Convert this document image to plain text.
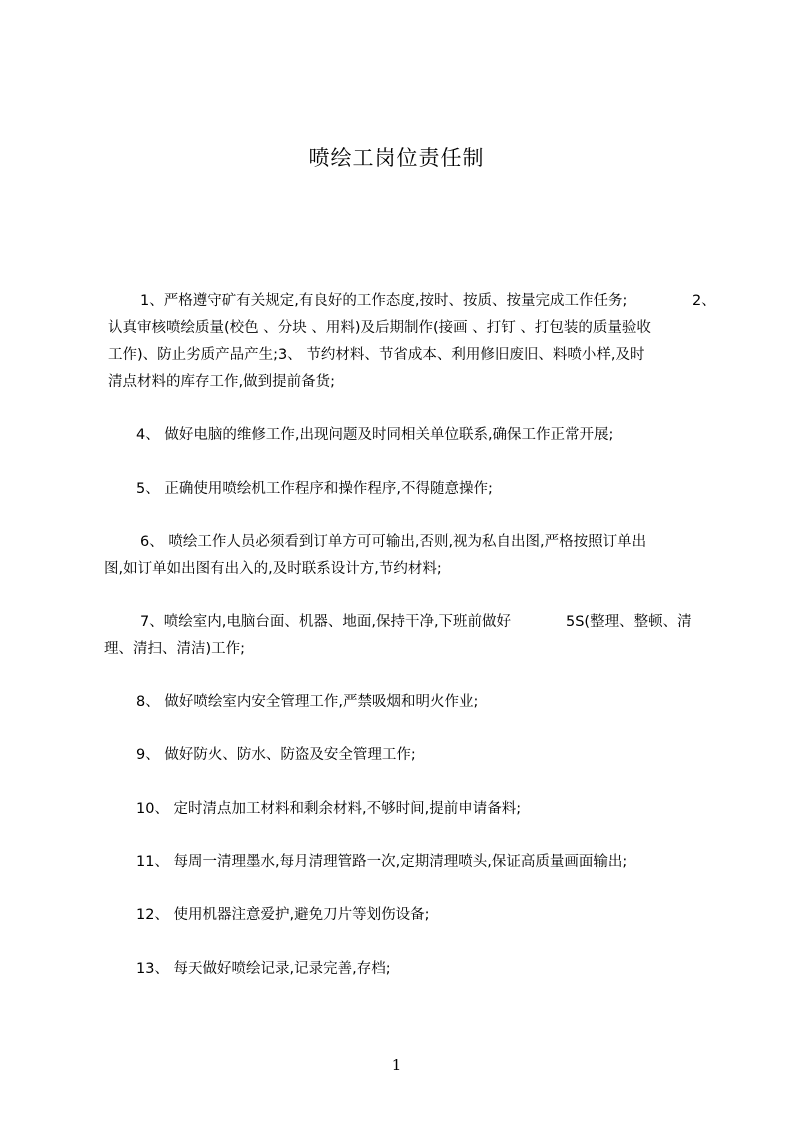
喷绘工岗位责任制
1、严格遵守矿有关规定,有良好的工作态度,按时、按质、按量完成工作任务;	2、
认真审核喷绘质量(校色 、分块 、用料)及后期制作(接画 、打钉 、打包装的质量验收
工作)、防止劣质产品产生;3、 节约材料、节省成本、利用修旧废旧、料喷小样,及时
清点材料的库存工作,做到提前备货;
4、 做好电脑的维修工作,出现问题及时同相关单位联系,确保工作正常开展;
5、 正确使用喷绘机工作程序和操作程序,不得随意操作;
6、 喷绘工作人员必须看到订单方可可输出,否则,视为私自出图,严格按照订单出
图,如订单如出图有出入的,及时联系设计方,节约材料;
7、喷绘室内,电脑台面、机器、地面,保持干净,下班前做好	5S(整理、整顿、清
理、清扫、清洁)工作;
8、 做好喷绘室内安全管理工作,严禁吸烟和明火作业;
9、 做好防火、防水、防盗及安全管理工作;
10、 定时清点加工材料和剩余材料,不够时间,提前申请备料;
11、 每周一清理墨水,每月清理管路一次,定期清理喷头,保证高质量画面输出;
12、 使用机器注意爱护,避免刀片等划伤设备;
13、 每天做好喷绘记录,记录完善,存档;
1
